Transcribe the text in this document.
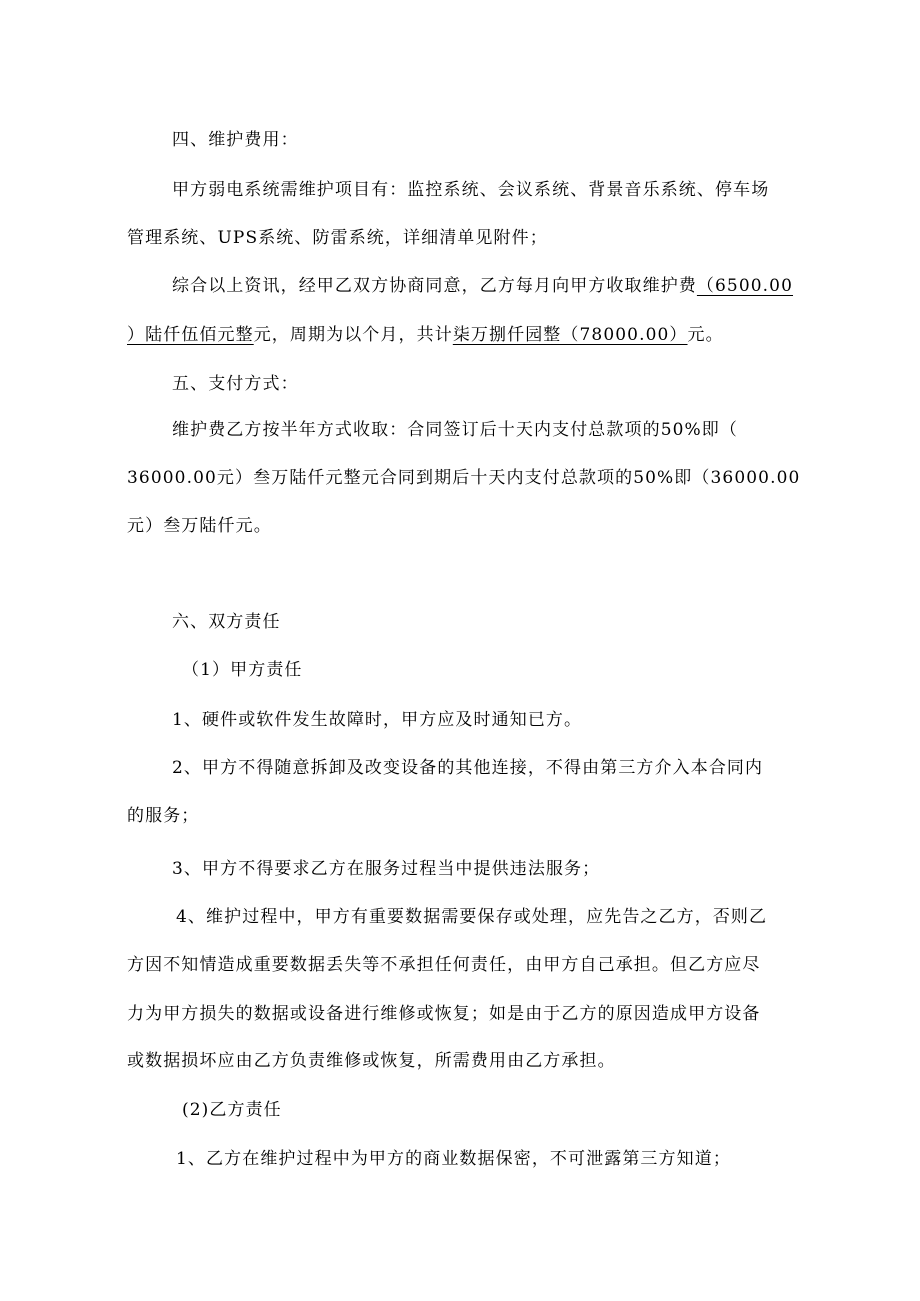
四、维护费用：
甲方弱电系统需维护项目有：监控系统、会议系统、背景音乐系统、停车场
管理系统、UPS系统、防雷系统，详细清单见附件；
综合以上资讯，经甲乙双方协商同意，乙方每月向甲方收取维护费（6500.00
）陆仟伍佰元整元，周期为以个月，共计柒万捌仟园整（78000.00）元。
五、支付方式：
维护费乙方按半年方式收取：合同签订后十天内支付总款项的50%即（
36000.00元）叁万陆仟元整元合同到期后十天内支付总款项的50%即（36000.00
元）叁万陆仟元。
六、双方责任
（1）甲方责任
1、硬件或软件发生故障时，甲方应及时通知已方。
2、甲方不得随意拆卸及改变设备的其他连接，不得由第三方介入本合同内
的服务；
3、甲方不得要求乙方在服务过程当中提供违法服务；
4、维护过程中，甲方有重要数据需要保存或处理，应先告之乙方，否则乙
方因不知情造成重要数据丢失等不承担任何责任，由甲方自己承担。但乙方应尽
力为甲方损失的数据或设备进行维修或恢复；如是由于乙方的原因造成甲方设备
或数据损坏应由乙方负责维修或恢复，所需费用由乙方承担。
(2)乙方责任
1、乙方在维护过程中为甲方的商业数据保密，不可泄露第三方知道；
